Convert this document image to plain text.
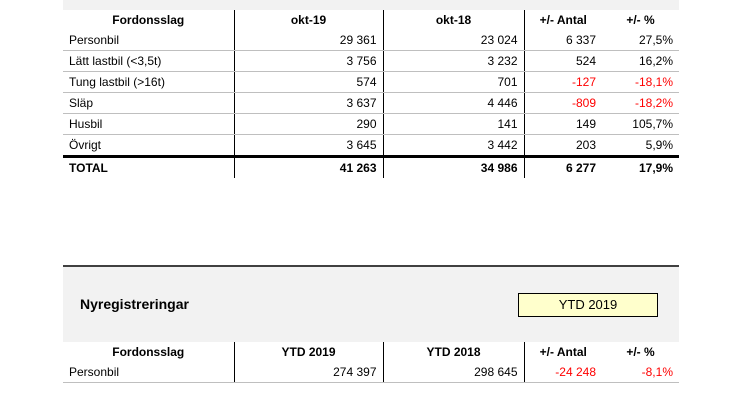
Fordonsslag	okt-19	okt-18	+/- Antal	+/- %
Personbil	29 361	23 024	6 337	27,5%
Lätt lastbil (<3,5t)	3 756	3 232	524	16,2%
Tung lastbil (>16t)	574	701	-127	-18,1%
Släp	3 637	4 446	-809	-18,2%
Husbil	290	141	149	105,7%
Övrigt	3 645	3 442	203	5,9%
TOTAL	41 263	34 986	6 277	17,9%
Nyregistreringar	YTD 2019
Fordonsslag	YTD 2019	YTD 2018	+/- Antal	+/- %
Personbil	274 397	298 645	-24 248	-8,1%
